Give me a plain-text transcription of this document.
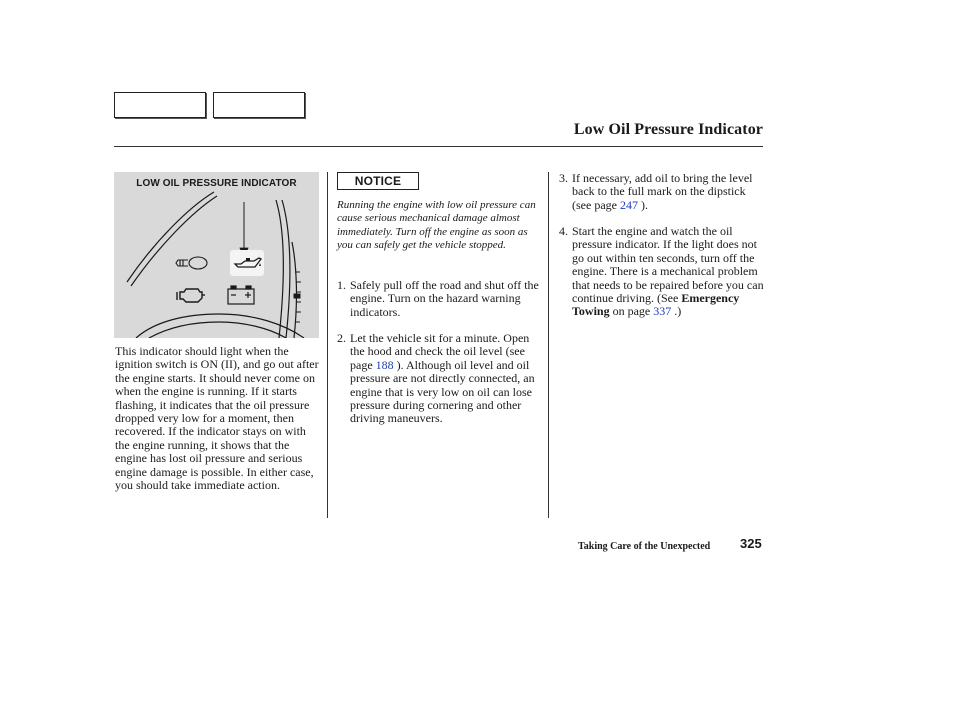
Low Oil Pressure Indicator
LOW OIL PRESSURE INDICATOR
This indicator should light when the ignition switch is ON (II), and go out after the engine starts. It should never come on when the engine is running. If it starts flashing, it indicates that the oil pressure dropped very low for a moment, then recovered. If the indicator stays on with the engine running, it shows that the engine has lost oil pressure and serious engine damage is possible. In either case, you should take immediate action.
NOTICE
Running the engine with low oil pressure can cause serious mechanical damage almost immediately. Turn off the engine as soon as you can safely get the vehicle stopped.
1. Safely pull off the road and shut off the engine. Turn on the hazard warning indicators.
2. Let the vehicle sit for a minute. Open the hood and check the oil level (see page 188 ). Although oil level and oil pressure are not directly connected, an engine that is very low on oil can lose pressure during cornering and other driving maneuvers.
3. If necessary, add oil to bring the level back to the full mark on the dipstick (see page 247 ).
4. Start the engine and watch the oil pressure indicator. If the light does not go out within ten seconds, turn off the engine. There is a mechanical problem that needs to be repaired before you can continue driving. (See Emergency Towing on page 337 .)
Taking Care of the Unexpected 325
